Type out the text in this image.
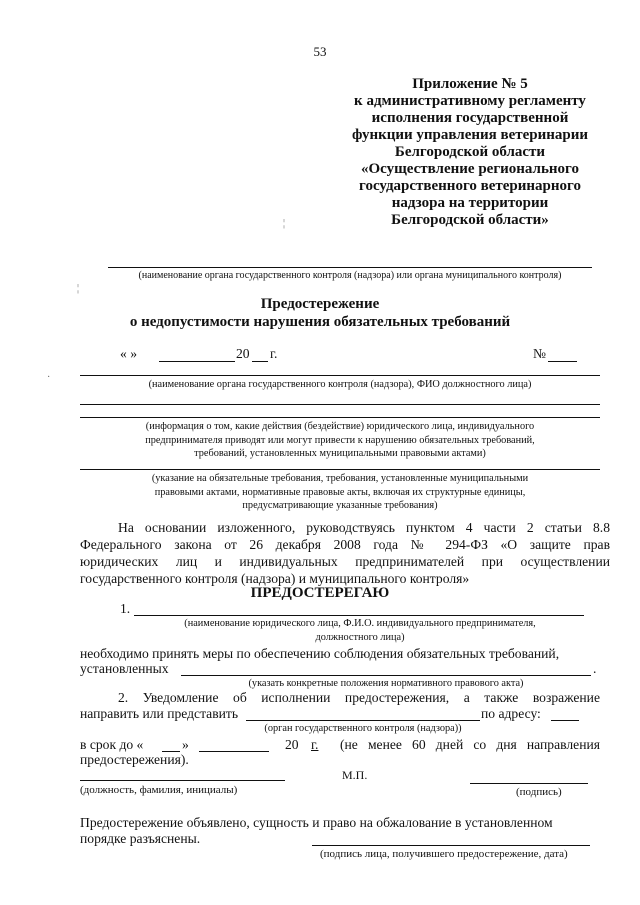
53
Приложение № 5
к административному регламенту
исполнения государственной
функции управления ветеринарии
Белгородской области
«Осуществление регионального
государственного ветеринарного
надзора на территории
Белгородской области»
¦
¦
·
(наименование органа государственного контроля (надзора) или органа муниципального контроля)
Предостережение
о недопустимости нарушения обязательных требований
« »	20 г.	№
(наименование органа государственного контроля (надзора), ФИО должностного лица)
(информация о том, какие действия (бездействие) юридического лица, индивидуального
предпринимателя приводят или могут привести к нарушению обязательных требований,
требований, установленных муниципальными правовыми актами)
(указание на обязательные требования, требования, установленные муниципальными
правовыми актами, нормативные правовые акты, включая их структурные единицы,
предусматривающие указанные требования)
На основании изложенного, руководствуясь пунктом 4 части 2 статьи 8.8
Федерального закона от 26 декабря 2008 года № 294-ФЗ «О защите прав
юридических лиц и индивидуальных предпринимателей при осуществлении
государственного контроля (надзора) и муниципального контроля»
ПРЕДОСТЕРЕГАЮ
1.
(наименование юридического лица, Ф.И.О. индивидуального предпринимателя,
должностного лица)
необходимо принять меры по обеспечению соблюдения обязательных требований,
установленных	.
(указать конкретные положения нормативного правового акта)
2. Уведомление об исполнении предостережения, а также возражение
направить или представить	по адресу:
(орган государственного контроля (надзора))
в срок до «	»	20 г. (не менее 60 дней со дня направления
предостережения).
М.П.
(должность, фамилия, инициалы)	(подпись)
Предостережение объявлено, сущность и право на обжалование в установленном
порядке разъяснены.
(подпись лица, получившего предостережение, дата)
